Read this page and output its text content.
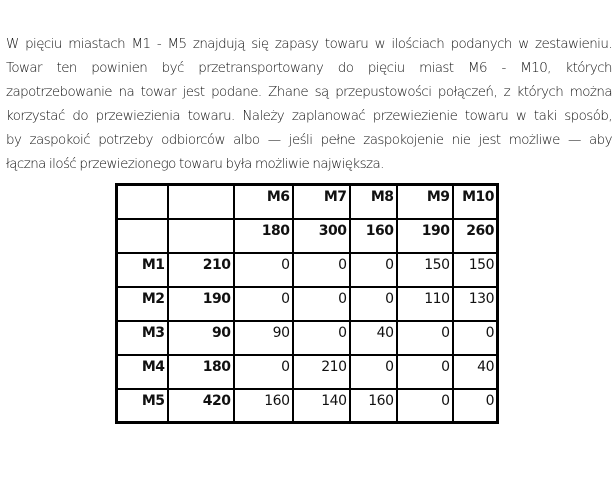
W pięciu miastach M1 - M5 znajdują się zapasy towaru w ilościach podanych w zestawieniu.
Towar ten powinien być przetransportowany do pięciu miast M6 - M10, których
zapotrzebowanie na towar jest podane. Zhane są przepustowości połączeń, z których można
korzystać do przewiezienia towaru. Należy zaplanować przewiezienie towaru w taki sposób,
by zaspokoić potrzeby odbiorców albo — jeśli pełne zaspokojenie nie jest możliwe — aby
łączna ilość przewiezionego towaru była możliwie największa.

		M6	M7	M8	M9	M10
		180	300	160	190	260
M1	210	0	0	0	150	150
M2	190	0	0	0	110	130
M3	90	90	0	40	0	0
M4	180	0	210	0	0	40
M5	420	160	140	160	0	0
